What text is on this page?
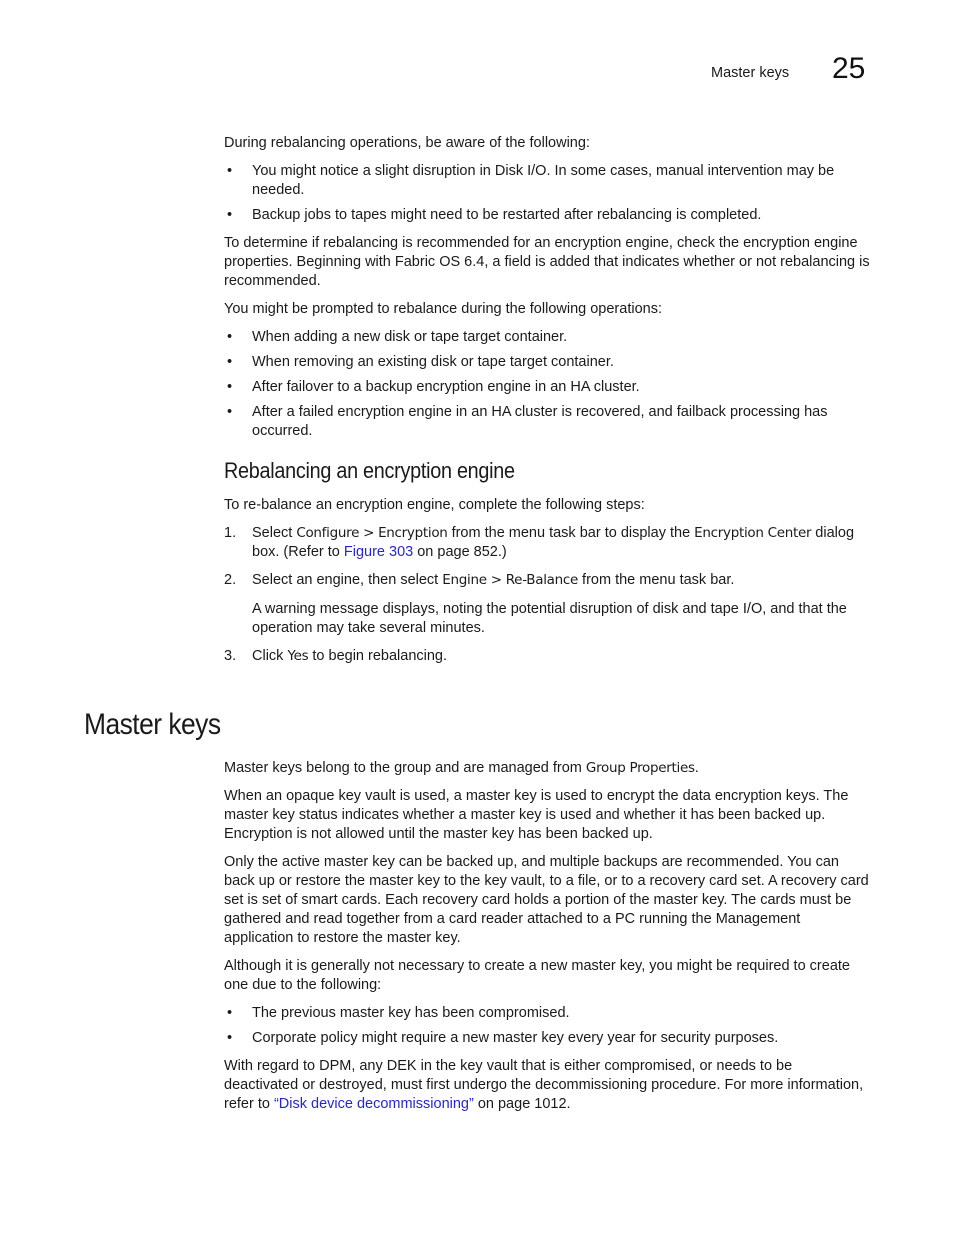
Master keys 25

During rebalancing operations, be aware of the following:

• You might notice a slight disruption in Disk I/O. In some cases, manual intervention may be needed.
• Backup jobs to tapes might need to be restarted after rebalancing is completed.

To determine if rebalancing is recommended for an encryption engine, check the encryption engine properties. Beginning with Fabric OS 6.4, a field is added that indicates whether or not rebalancing is recommended.

You might be prompted to rebalance during the following operations:

• When adding a new disk or tape target container.
• When removing an existing disk or tape target container.
• After failover to a backup encryption engine in an HA cluster.
• After a failed encryption engine in an HA cluster is recovered, and failback processing has occurred.
Rebalancing an encryption engine

To re-balance an encryption engine, complete the following steps:

1. Select Configure > Encryption from the menu task bar to display the Encryption Center dialog box. (Refer to Figure 303 on page 852.)
2. Select an engine, then select Engine > Re-Balance from the menu task bar.
A warning message displays, noting the potential disruption of disk and tape I/O, and that the operation may take several minutes.
3. Click Yes to begin rebalancing.
Master keys

Master keys belong to the group and are managed from Group Properties.

When an opaque key vault is used, a master key is used to encrypt the data encryption keys. The master key status indicates whether a master key is used and whether it has been backed up. Encryption is not allowed until the master key has been backed up.

Only the active master key can be backed up, and multiple backups are recommended. You can back up or restore the master key to the key vault, to a file, or to a recovery card set. A recovery card set is set of smart cards. Each recovery card holds a portion of the master key. The cards must be gathered and read together from a card reader attached to a PC running the Management application to restore the master key.

Although it is generally not necessary to create a new master key, you might be required to create one due to the following:

• The previous master key has been compromised.
• Corporate policy might require a new master key every year for security purposes.

With regard to DPM, any DEK in the key vault that is either compromised, or needs to be deactivated or destroyed, must first undergo the decommissioning procedure. For more information, refer to “Disk device decommissioning” on page 1012.
